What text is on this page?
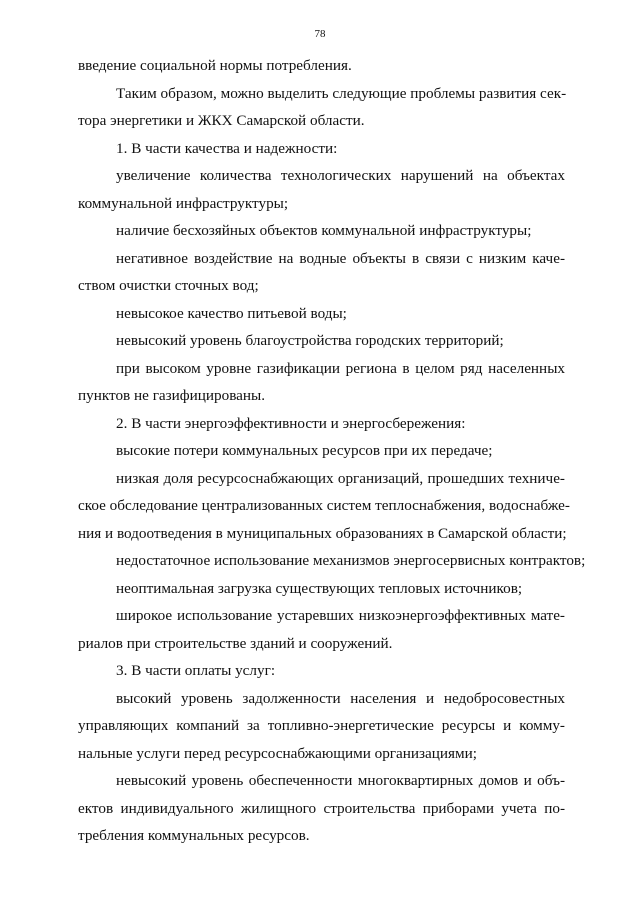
78
введение социальной нормы потребления.
Таким образом, можно выделить следующие проблемы развития сек-
тора энергетики и ЖКХ Самарской области.
1. В части качества и надежности:
увеличение количества технологических нарушений на объектах
коммунальной инфраструктуры;
наличие бесхозяйных объектов коммунальной инфраструктуры;
негативное воздействие на водные объекты в связи с низким каче-
ством очистки сточных вод;
невысокое качество питьевой воды;
невысокий уровень благоустройства городских территорий;
при высоком уровне газификации региона в целом ряд населенных
пунктов не газифицированы.
2. В части энергоэффективности и энергосбережения:
высокие потери коммунальных ресурсов при их передаче;
низкая доля ресурсоснабжающих организаций, прошедших техниче-
ское обследование централизованных систем теплоснабжения, водоснабже-
ния и водоотведения в муниципальных образованиях в Самарской области;
недостаточное использование механизмов энергосервисных контрактов;
неоптимальная загрузка существующих тепловых источников;
широкое использование устаревших низкоэнергоэффективных мате-
риалов при строительстве зданий и сооружений.
3. В части оплаты услуг:
высокий уровень задолженности населения и недобросовестных
управляющих компаний за топливно-энергетические ресурсы и комму-
нальные услуги перед ресурсоснабжающими организациями;
невысокий уровень обеспеченности многоквартирных домов и объ-
ектов индивидуального жилищного строительства приборами учета по-
требления коммунальных ресурсов.
